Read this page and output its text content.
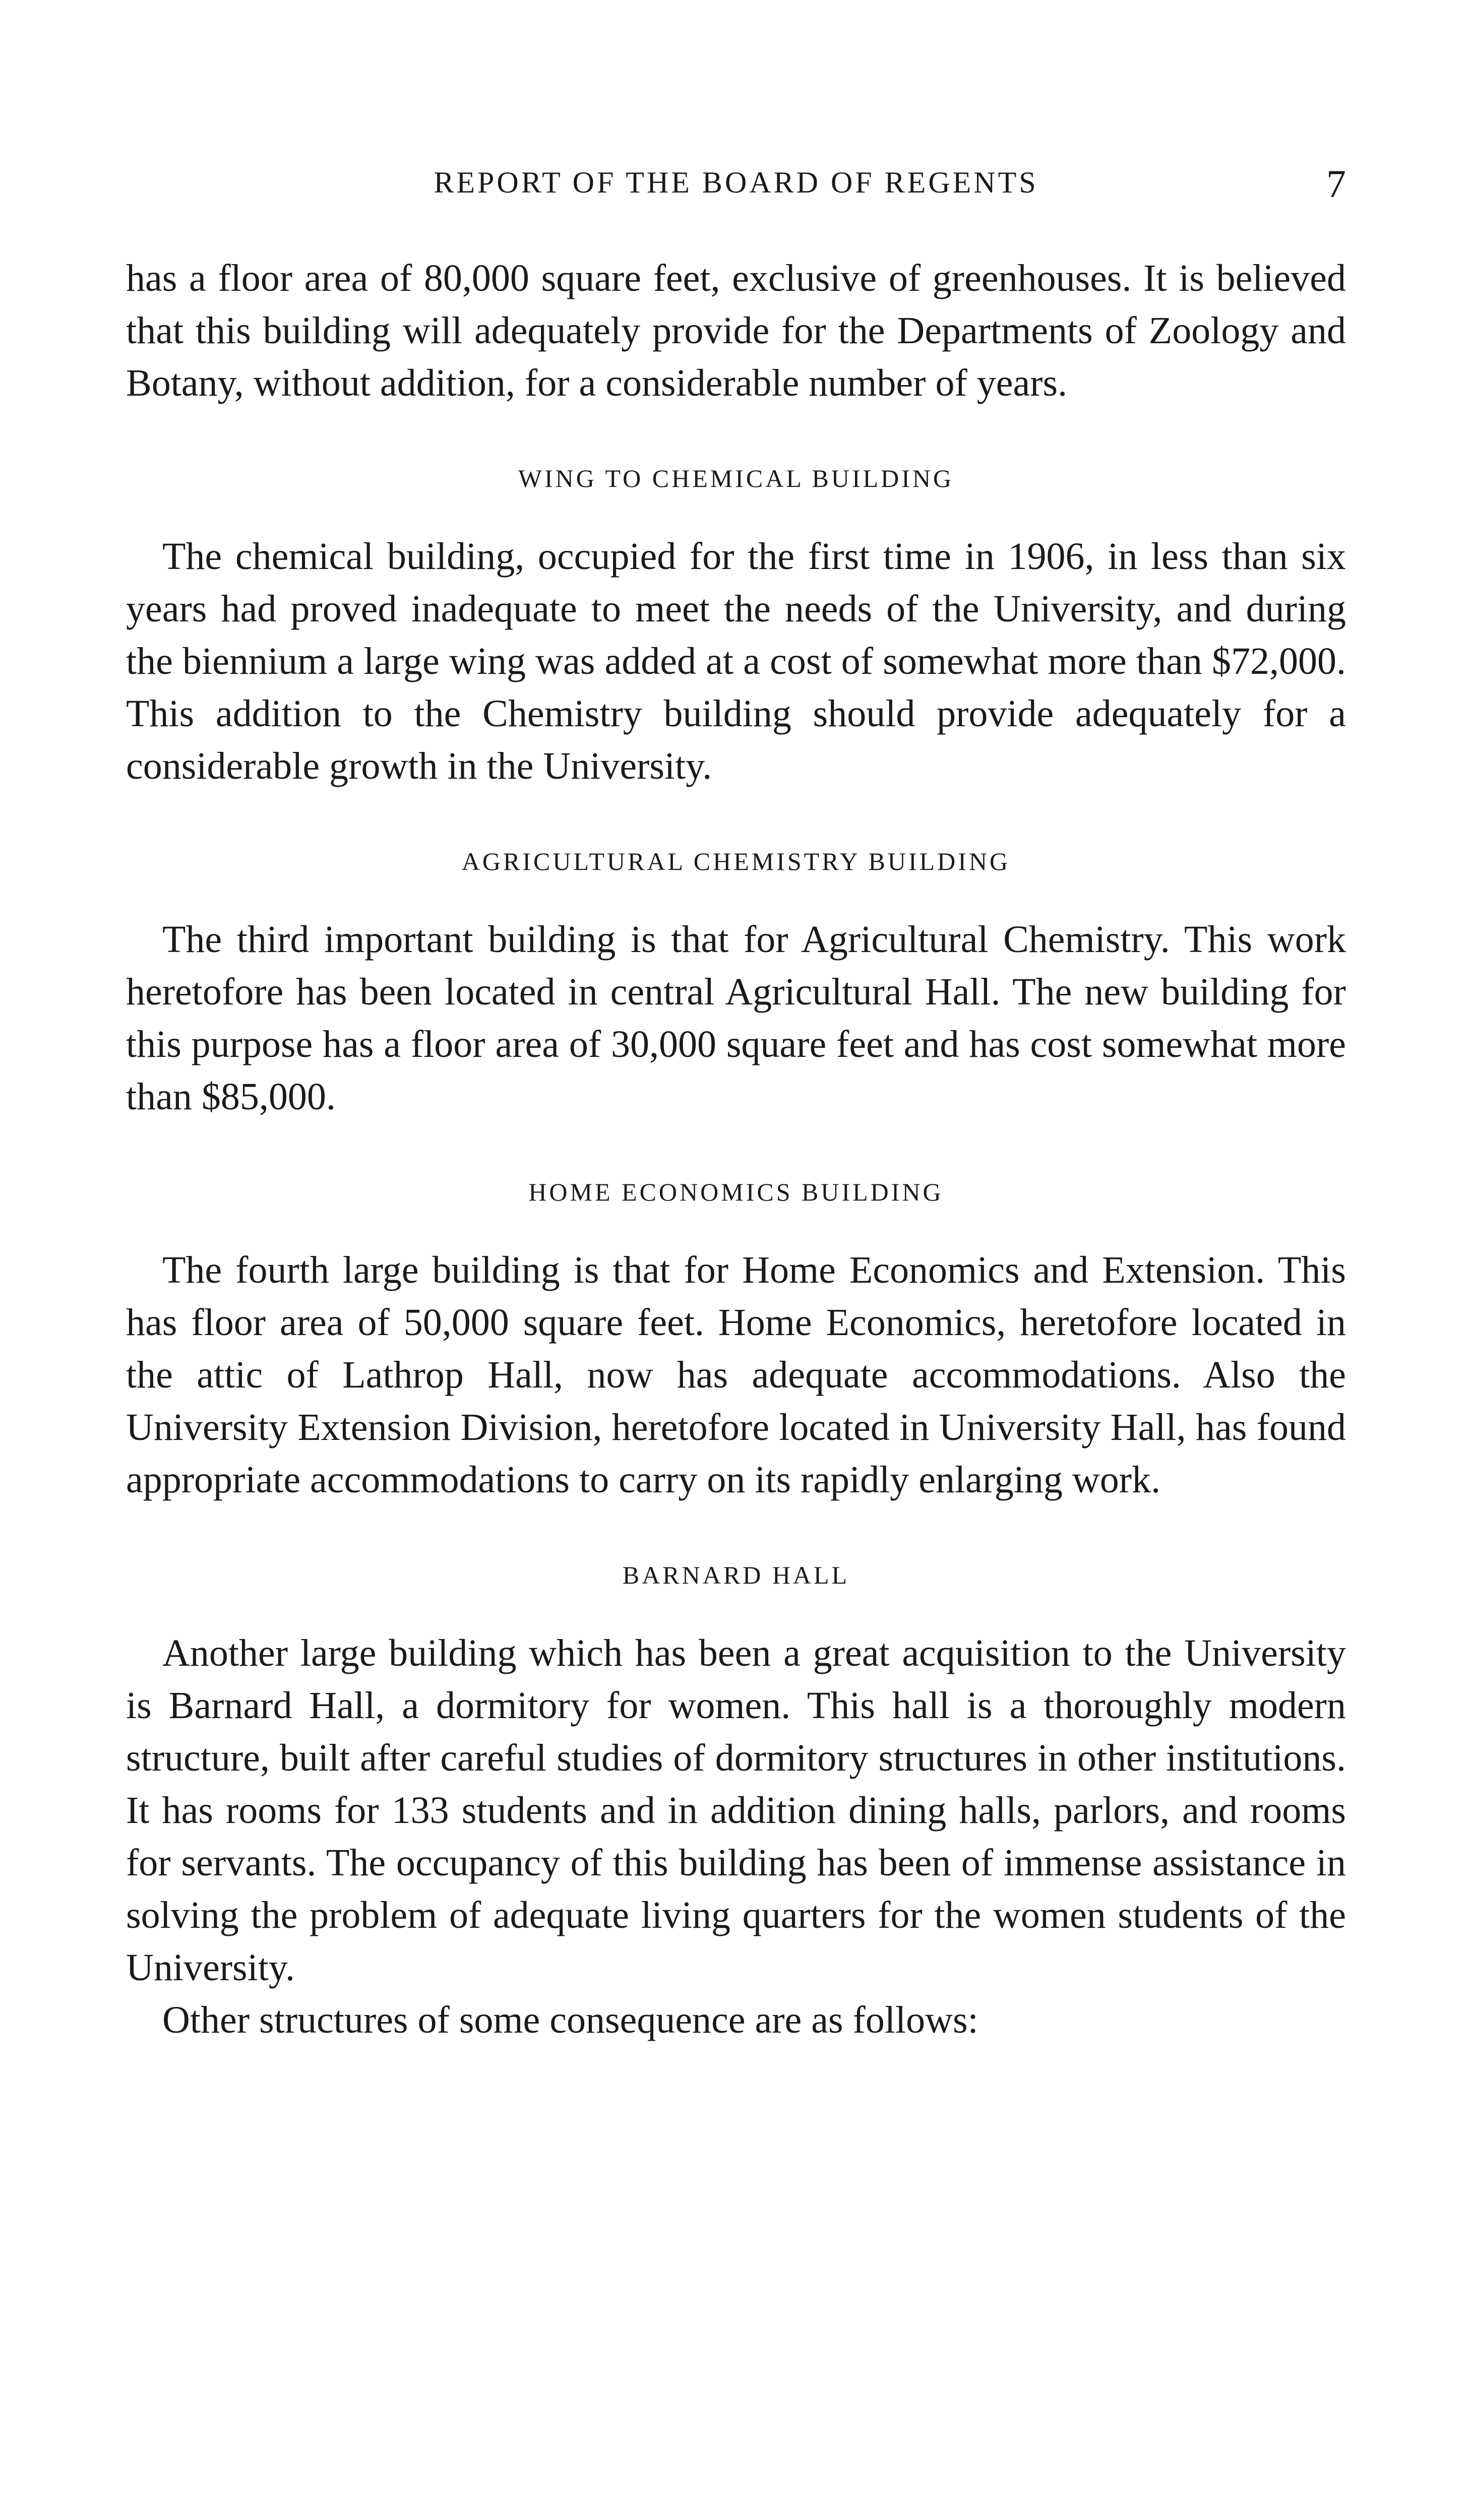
REPORT OF THE BOARD OF REGENTS	7

has a floor area of 80,000 square feet, exclusive of greenhouses. It is believed that this building will adequately provide for the Departments of Zoology and Botany, without addition, for a considerable number of years.

WING TO CHEMICAL BUILDING

The chemical building, occupied for the first time in 1906, in less than six years had proved inadequate to meet the needs of the University, and during the biennium a large wing was added at a cost of somewhat more than $72,000. This addition to the Chemistry building should provide adequately for a considerable growth in the University.

AGRICULTURAL CHEMISTRY BUILDING

The third important building is that for Agricultural Chemistry. This work heretofore has been located in central Agricultural Hall. The new building for this purpose has a floor area of 30,000 square feet and has cost somewhat more than $85,000.

HOME ECONOMICS BUILDING

The fourth large building is that for Home Economics and Extension. This has floor area of 50,000 square feet. Home Economics, heretofore located in the attic of Lathrop Hall, now has adequate accommodations. Also the University Extension Division, heretofore located in University Hall, has found appropriate accommodations to carry on its rapidly enlarging work.

BARNARD HALL

Another large building which has been a great acquisition to the University is Barnard Hall, a dormitory for women. This hall is a thoroughly modern structure, built after careful studies of dormitory structures in other institutions. It has rooms for 133 students and in addition dining halls, parlors, and rooms for servants. The occupancy of this building has been of immense assistance in solving the problem of adequate living quarters for the women students of the University.

Other structures of some consequence are as follows:
